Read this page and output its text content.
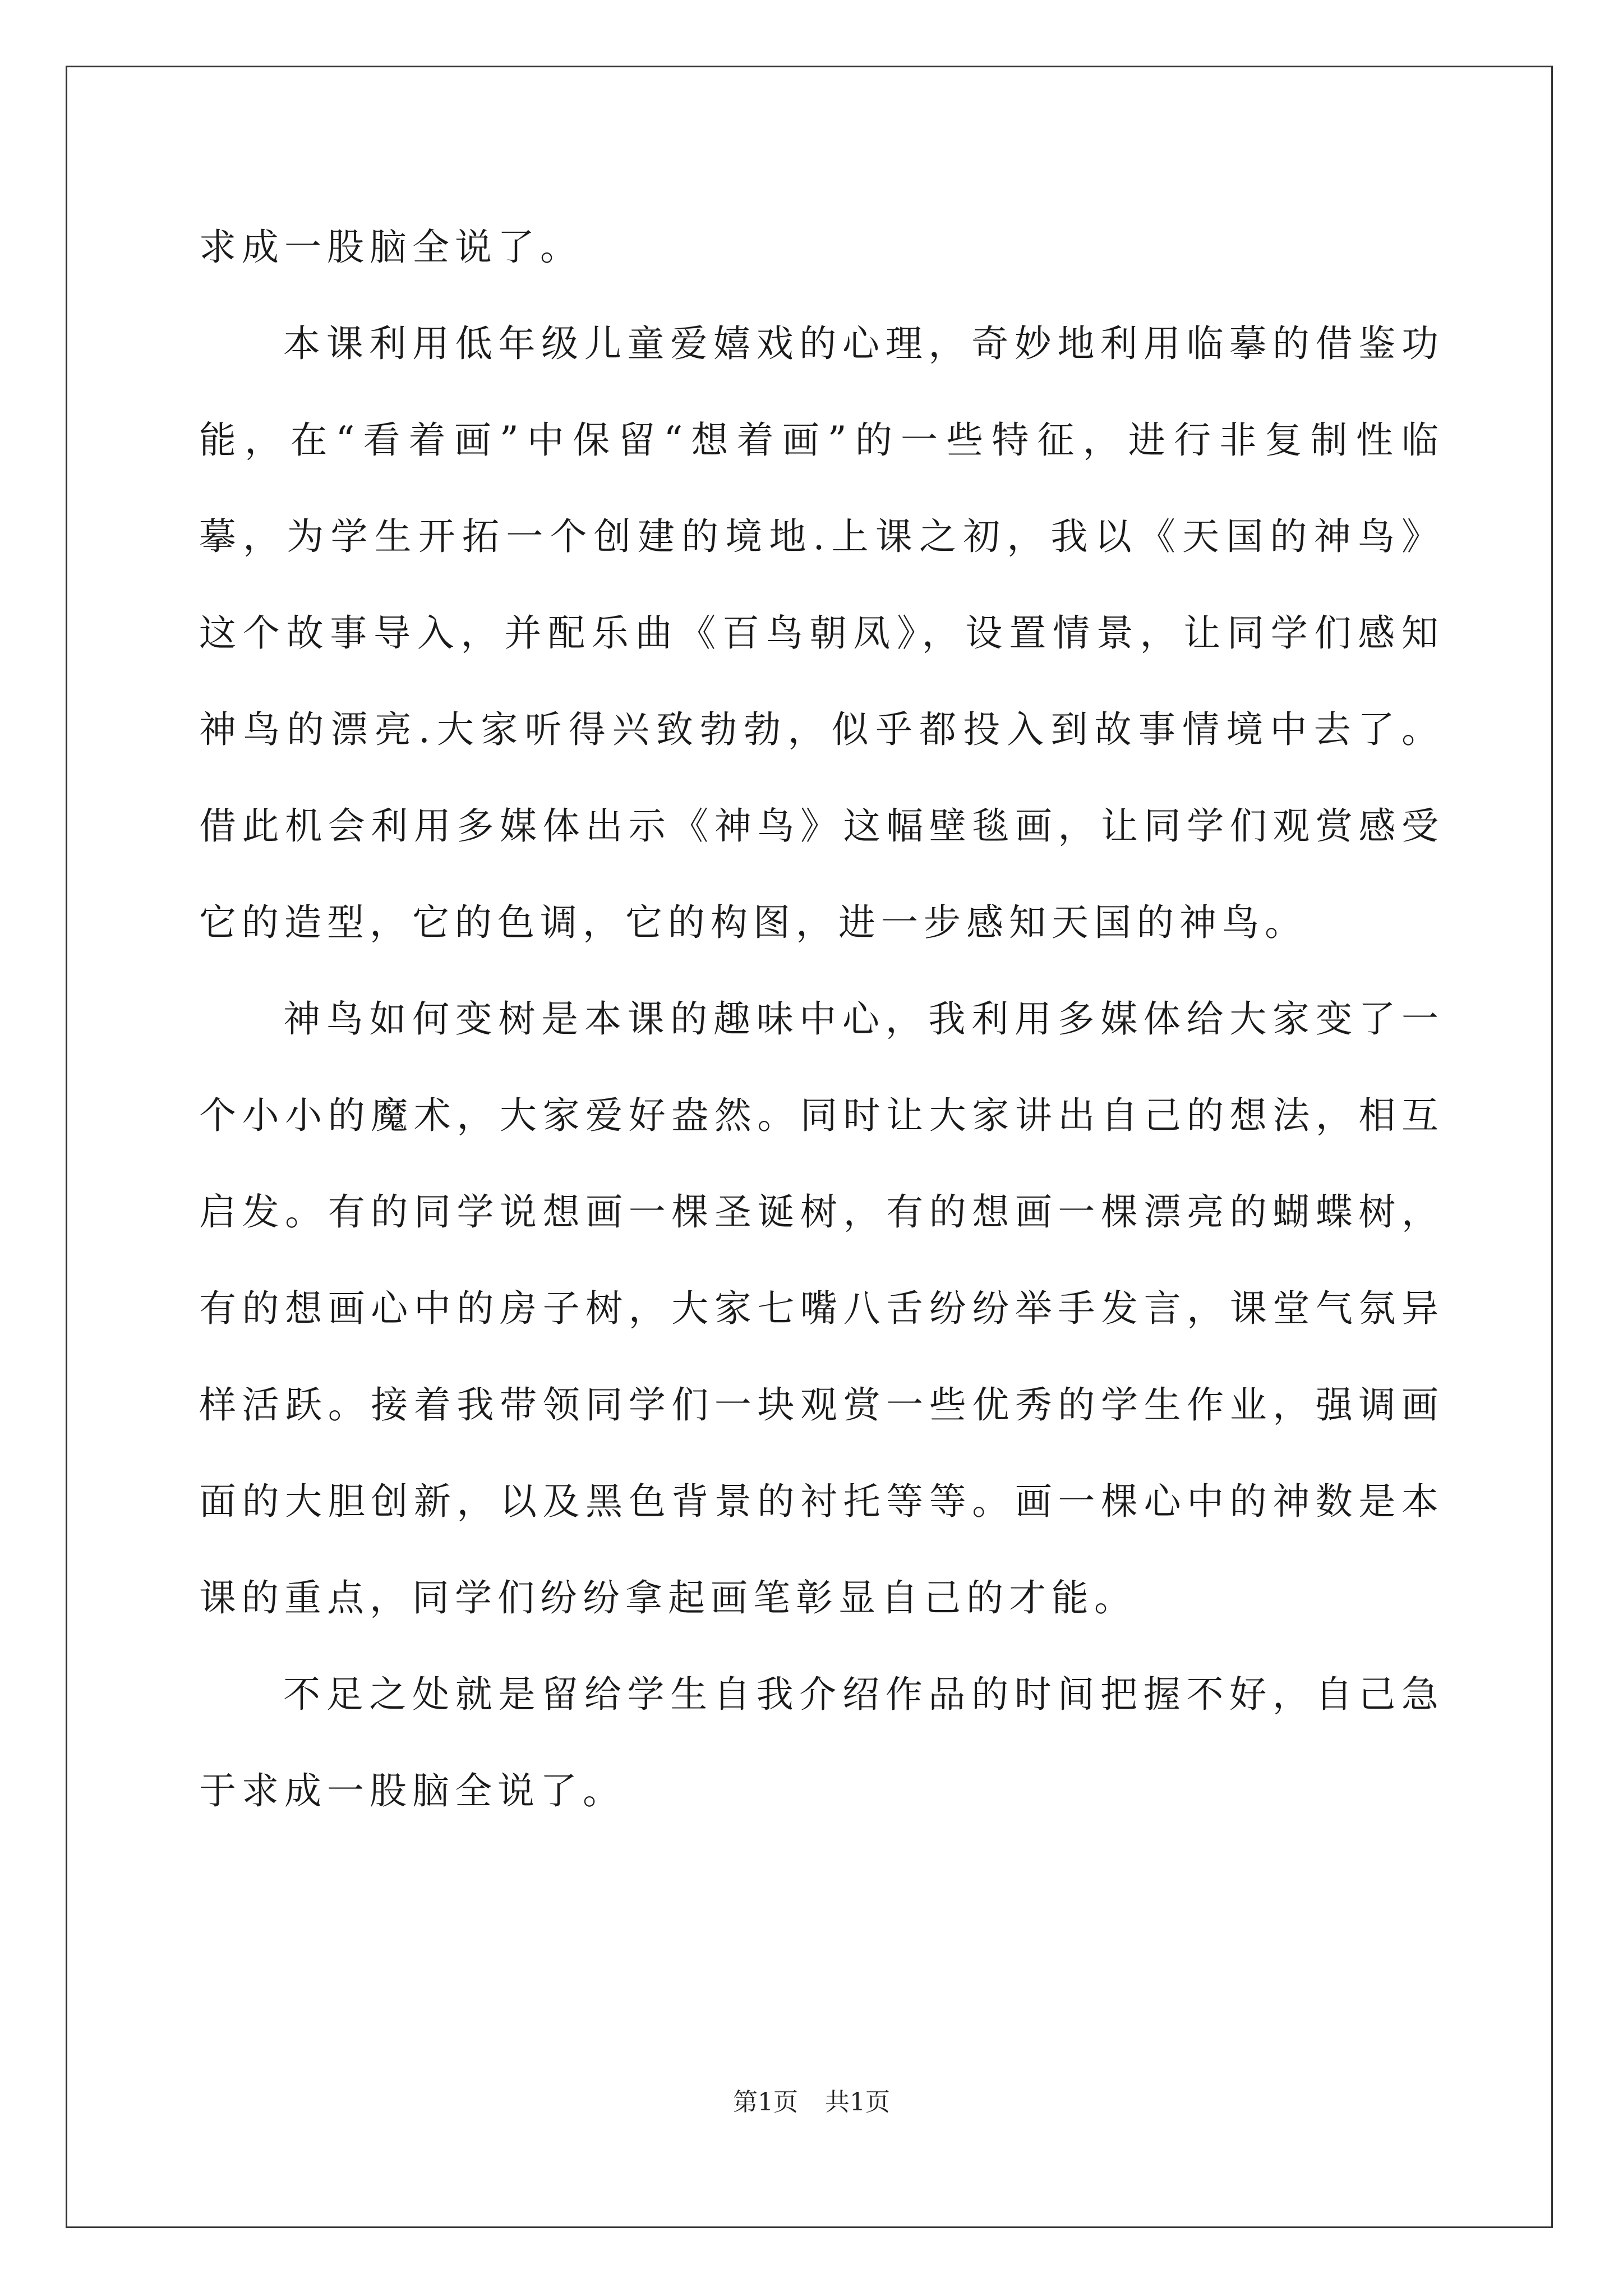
求成一股脑全说了。

本课利用低年级儿童爱嬉戏的心理，奇妙地利用临摹的借鉴功能，在“看着画”中保留“想着画”的一些特征，进行非复制性临摹，为学生开拓一个创建的境地.上课之初，我以《天国的神鸟》这个故事导入，并配乐曲《百鸟朝凤》，设置情景，让同学们感知神鸟的漂亮.大家听得兴致勃勃，似乎都投入到故事情境中去了。借此机会利用多媒体出示《神鸟》这幅壁毯画，让同学们观赏感受它的造型，它的色调，它的构图，进一步感知天国的神鸟。

神鸟如何变树是本课的趣味中心，我利用多媒体给大家变了一个小小的魔术，大家爱好盎然。同时让大家讲出自己的想法，相互启发。有的同学说想画一棵圣诞树，有的想画一棵漂亮的蝴蝶树，有的想画心中的房子树，大家七嘴八舌纷纷举手发言，课堂气氛异样活跃。接着我带领同学们一块观赏一些优秀的学生作业，强调画面的大胆创新，以及黑色背景的衬托等等。画一棵心中的神数是本课的重点，同学们纷纷拿起画笔彰显自己的才能。

不足之处就是留给学生自我介绍作品的时间把握不好，自己急于求成一股脑全说了。

第1页 共1页
